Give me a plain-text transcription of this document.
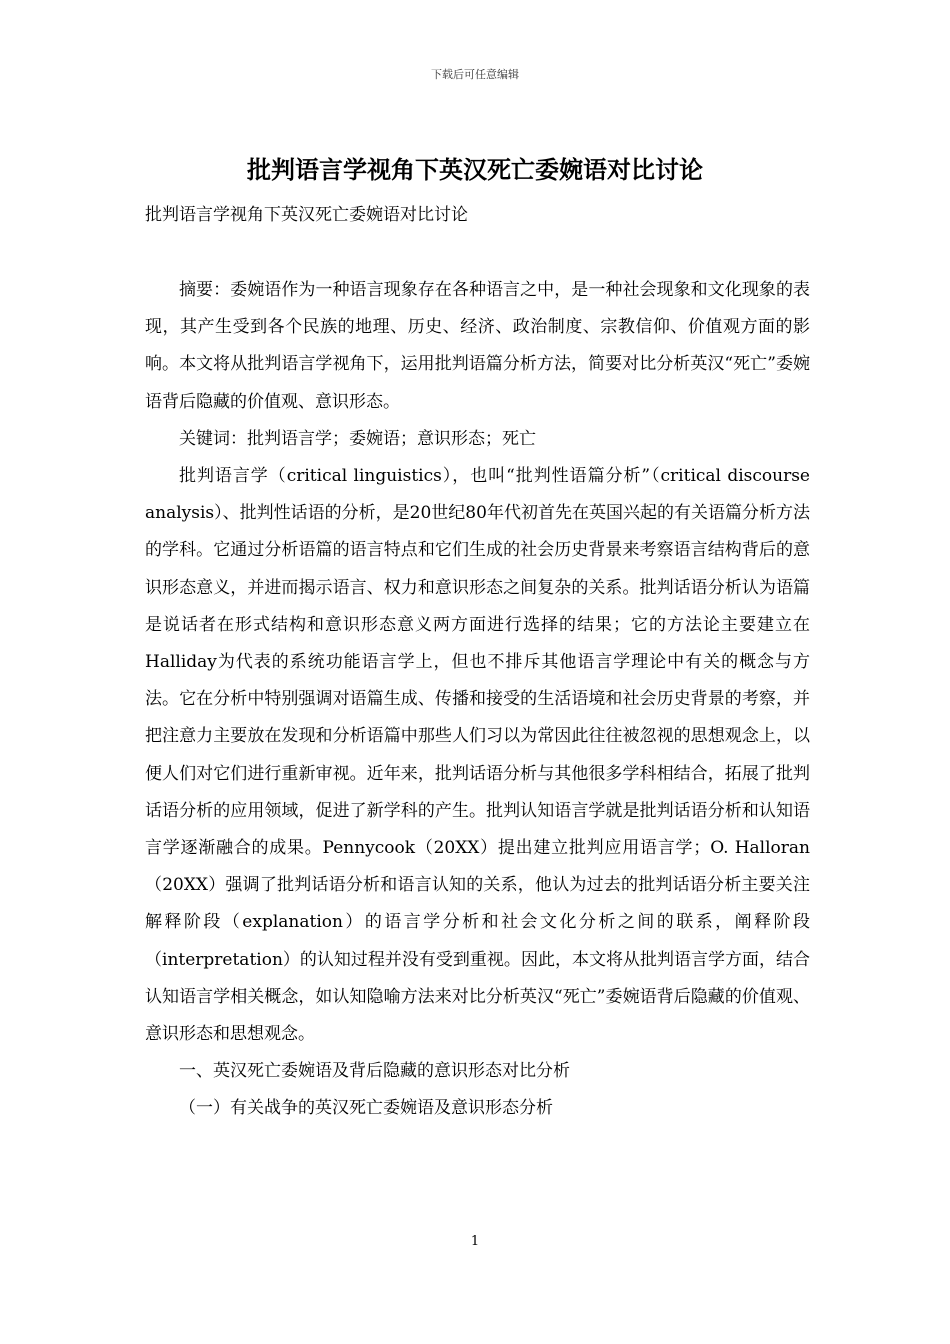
下载后可任意编辑
批判语言学视角下英汉死亡委婉语对比讨论
批判语言学视角下英汉死亡委婉语对比讨论

摘要：委婉语作为一种语言现象存在各种语言之中，是一种社会现象和文化现象的表现，其产生受到各个民族的地理、历史、经济、政治制度、宗教信仰、价值观方面的影响。本文将从批判语言学视角下，运用批判语篇分析方法，简要对比分析英汉“死亡”委婉语背后隐藏的价值观、意识形态。

关键词：批判语言学；委婉语；意识形态；死亡

批判语言学（critical linguistics），也叫“批判性语篇分析”（critical discourse analysis）、批判性话语的分析，是20世纪80年代初首先在英国兴起的有关语篇分析方法的学科。它通过分析语篇的语言特点和它们生成的社会历史背景来考察语言结构背后的意识形态意义，并进而揭示语言、权力和意识形态之间复杂的关系。批判话语分析认为语篇是说话者在形式结构和意识形态意义两方面进行选择的结果；它的方法论主要建立在Halliday为代表的系统功能语言学上，但也不排斥其他语言学理论中有关的概念与方法。它在分析中特别强调对语篇生成、传播和接受的生活语境和社会历史背景的考察，并把注意力主要放在发现和分析语篇中那些人们习以为常因此往往被忽视的思想观念上，以便人们对它们进行重新审视。近年来，批判话语分析与其他很多学科相结合，拓展了批判话语分析的应用领域，促进了新学科的产生。批判认知语言学就是批判话语分析和认知语言学逐渐融合的成果。Pennycook（20XX）提出建立批判应用语言学；O. Halloran（20XX）强调了批判话语分析和语言认知的关系，他认为过去的批判话语分析主要关注解释阶段（explanation）的语言学分析和社会文化分析之间的联系，阐释阶段（interpretation）的认知过程并没有受到重视。因此，本文将从批判语言学方面，结合认知语言学相关概念，如认知隐喻方法来对比分析英汉“死亡”委婉语背后隐藏的价值观、意识形态和思想观念。

一、英汉死亡委婉语及背后隐藏的意识形态对比分析

（一）有关战争的英汉死亡委婉语及意识形态分析

1
